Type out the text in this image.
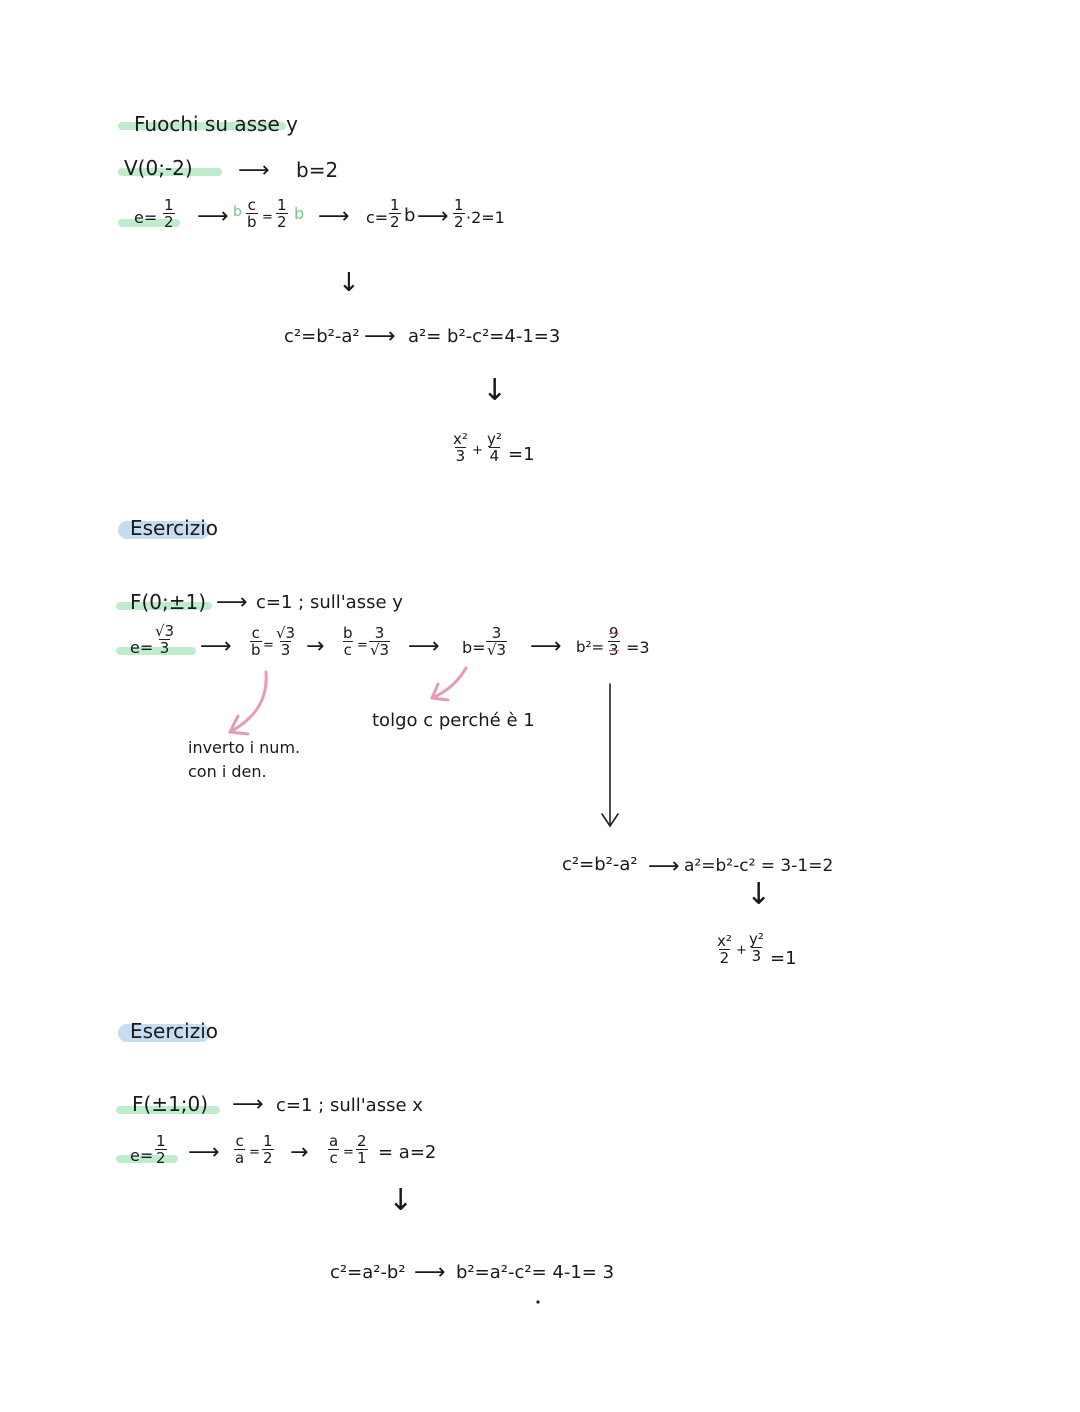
Fuochi su asse y
V(0;-2) ⟶ b=2
$e= \frac{1}{2}$ ⟶ b $\frac{c}{b} = \frac{1}{2}$ b ⟶ $c= \frac{1}{2}$ b ⟶ $\frac{1}{2} \cdot 2=1$
↓
c²=b²-a² ⟶ a²= b²-c²=4-1=3
↓
$\frac{\text{x²}}{3} + \frac{\text{y²}}{4} =1$
Esercizio
F(0;±1) ⟶ c=1 ; sull'asse y
$e= \frac{√3}{3}$ ⟶ $\frac{c}{b} = \frac{√3}{3} \to \frac{b}{c} = \frac{3}{√3}$ ⟶ $b= \frac{3}{√3}$ ⟶ $b^2= \frac{9}{3} =3$
inverto i num.
con i den.
tolgo c perché è 1
c²=b²-a² ⟶ a²=b²-c² = 3-1=2
↓
$\frac{\text{x²}}{2} + \frac{\text{y²}}{3} =1$
Esercizio
F(±1;0) ⟶ c=1 ; sull'asse x
$e= \frac{1}{2}$ ⟶ $\frac{c}{a} = \frac{1}{2} \to \frac{a}{c} = \frac{2}{1} = a=2$
↓
c²=a²-b² ⟶ b²=a²-c²= 4-1= 3
